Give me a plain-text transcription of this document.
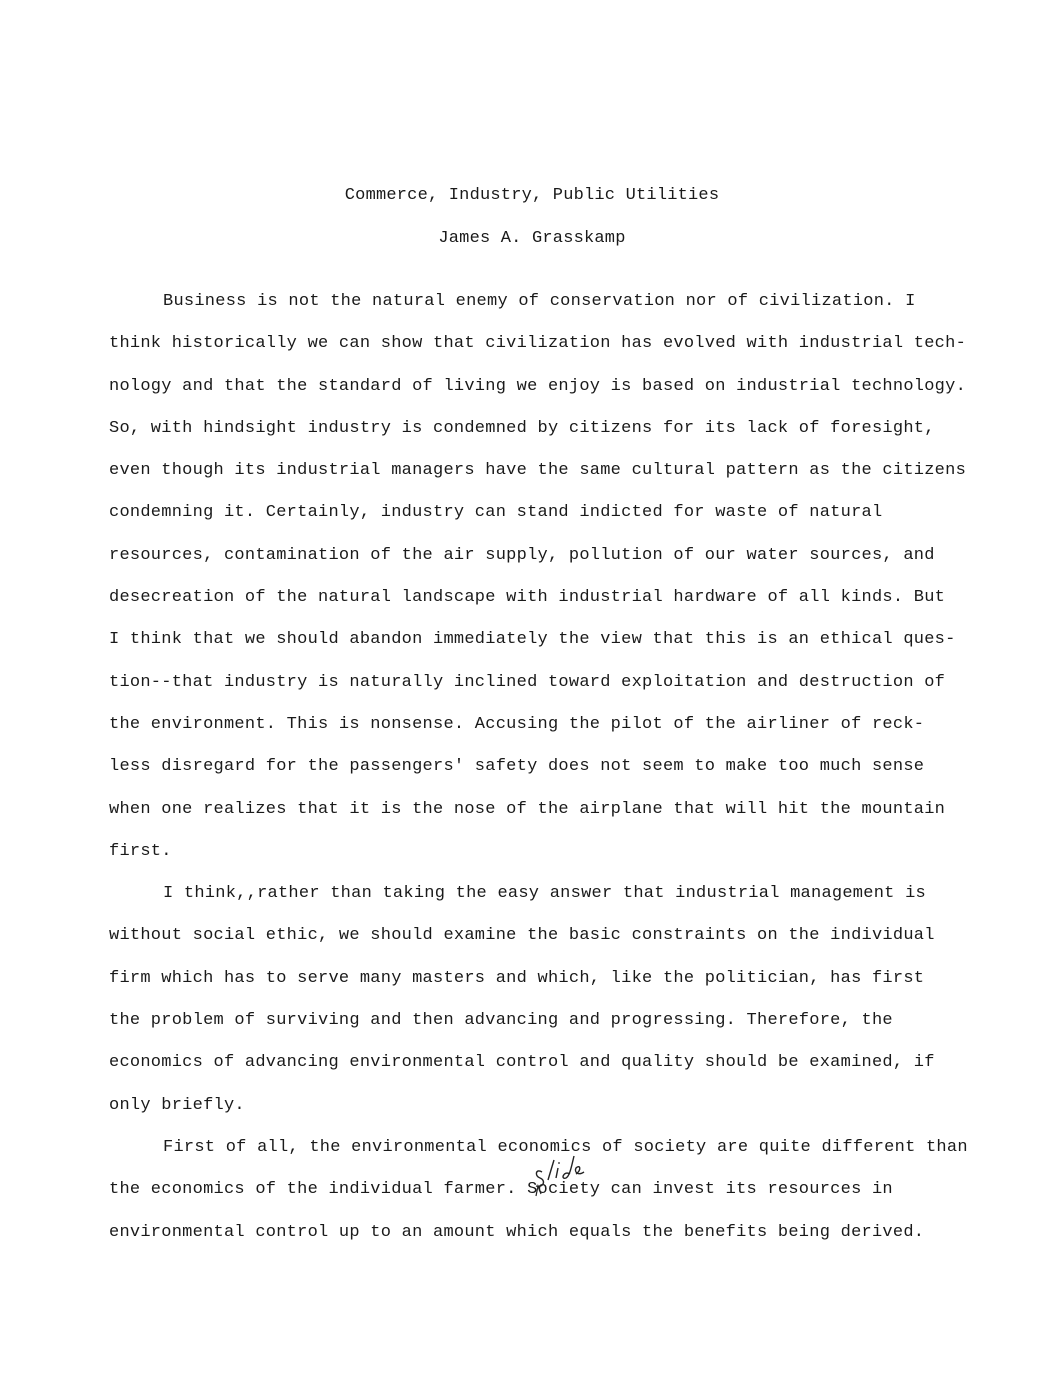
Commerce, Industry, Public Utilities
James A. Grasskamp
Business is not the natural enemy of conservation nor of civilization. I
think historically we can show that civilization has evolved with industrial tech-
nology and that the standard of living we enjoy is based on industrial technology.
So, with hindsight industry is condemned by citizens for its lack of foresight,
even though its industrial managers have the same cultural pattern as the citizens
condemning it. Certainly, industry can stand indicted for waste of natural
resources, contamination of the air supply, pollution of our water sources, and
desecreation of the natural landscape with industrial hardware of all kinds. But
I think that we should abandon immediately the view that this is an ethical ques-
tion--that industry is naturally inclined toward exploitation and destruction of
the environment. This is nonsense. Accusing the pilot of the airliner of reck-
less disregard for the passengers' safety does not seem to make too much sense
when one realizes that it is the nose of the airplane that will hit the mountain
first.
I think,,rather than taking the easy answer that industrial management is
without social ethic, we should examine the basic constraints on the individual
firm which has to serve many masters and which, like the politician, has first
the problem of surviving and then advancing and progressing. Therefore, the
economics of advancing environmental control and quality should be examined, if
only briefly.
First of all, the environmental economics of society are quite different than
the economics of the individual farmer. Society can invest its resources in
environmental control up to an amount which equals the benefits being derived.
